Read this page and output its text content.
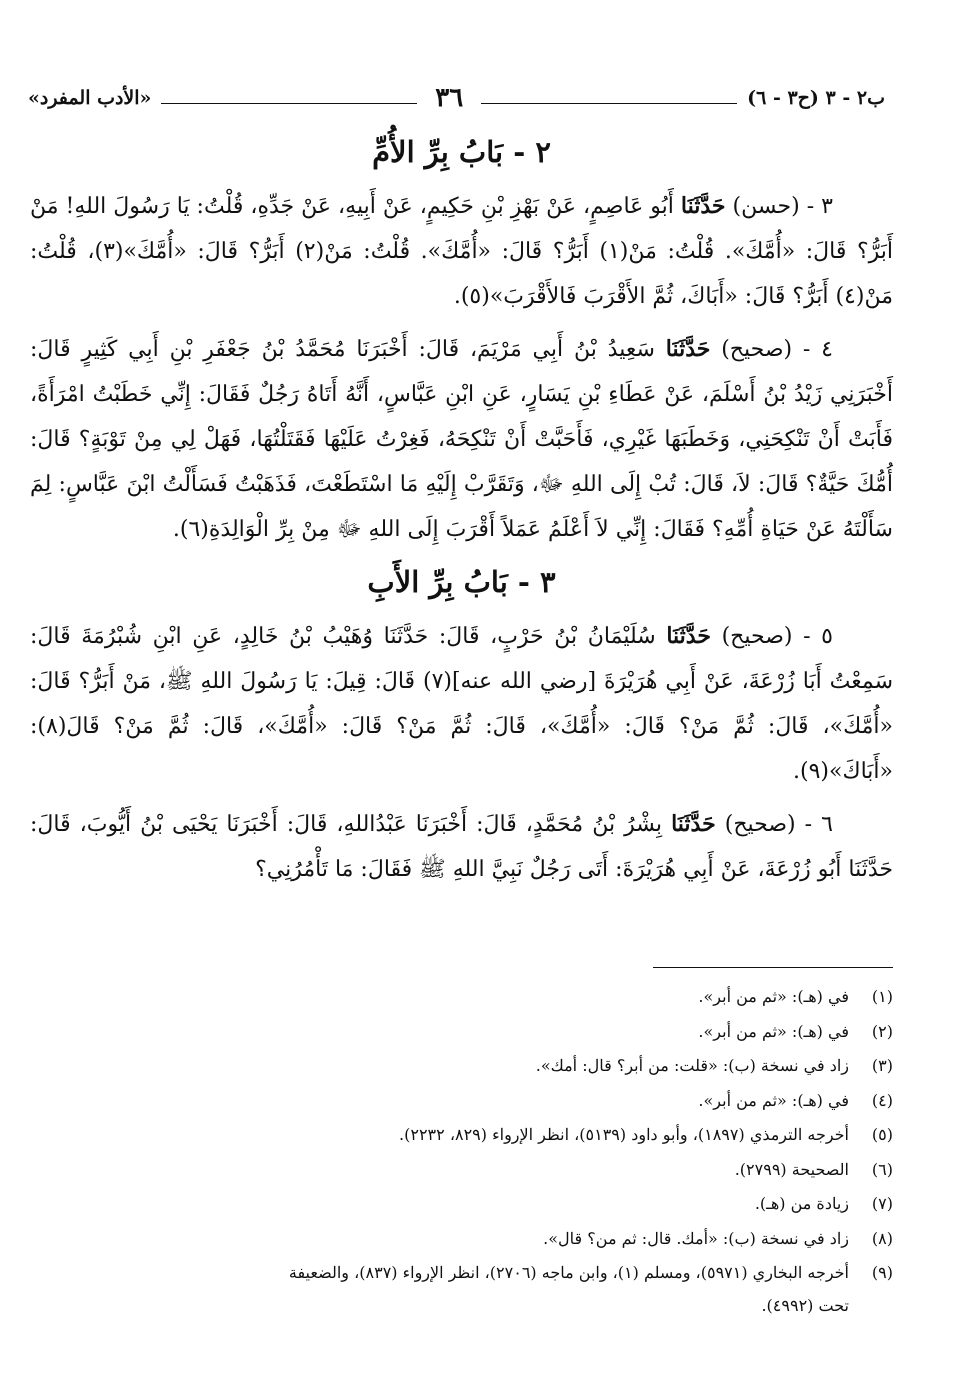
ب٢ - ٣ (ح٣ - ٦)
٣٦
«الأدب المفرد»
٢ - بَابُ بِرِّ الأُمِّ

٣ - (حسن) حَدَّثَنَا أَبُو عَاصِمٍ، عَنْ بَهْزِ بْنِ حَكِيمٍ، عَنْ أَبِيهِ، عَنْ جَدِّهِ، قُلْتُ: يَا رَسُولَ اللهِ! مَنْ أَبَرُّ؟ قَالَ: «أُمَّكَ». قُلْتُ: مَنْ(١) أَبَرُّ؟ قَالَ: «أُمَّكَ». قُلْتُ: مَنْ(٢) أَبَرُّ؟ قَالَ: «أُمَّكَ»(٣)، قُلْتُ: مَنْ(٤) أَبَرُّ؟ قَالَ: «أَبَاكَ، ثُمَّ الأَقْرَبَ فَالأَقْرَبَ»(٥).

٤ - (صحيح) حَدَّثَنَا سَعِيدُ بْنُ أَبِي مَرْيَمَ، قَالَ: أَخْبَرَنَا مُحَمَّدُ بْنُ جَعْفَرِ بْنِ أَبِي كَثِيرٍ قَالَ: أَخْبَرَنِي زَيْدُ بْنُ أَسْلَمَ، عَنْ عَطَاءِ بْنِ يَسَارٍ، عَنِ ابْنِ عَبَّاسٍ، أَنَّهُ أَتَاهُ رَجُلٌ فَقَالَ: إِنِّي خَطَبْتُ امْرَأَةً، فَأَبَتْ أَنْ تَنْكِحَنِي، وَخَطَبَهَا غَيْرِي، فَأَحَبَّتْ أَنْ تَنْكِحَهُ، فَغِرْتُ عَلَيْهَا فَقَتَلْتُهَا، فَهَلْ لِي مِنْ تَوْبَةٍ؟ قَالَ: أُمُّكَ حَيَّةٌ؟ قَالَ: لاَ، قَالَ: تُبْ إِلَى اللهِ ﷻ، وَتَقَرَّبْ إِلَيْهِ مَا اسْتَطَعْتَ، فَذَهَبْتُ فَسَأَلْتُ ابْنَ عَبَّاسٍ: لِمَ سَأَلْتَهُ عَنْ حَيَاةِ أُمِّهِ؟ فَقَالَ: إِنِّي لاَ أَعْلَمُ عَمَلاً أَقْرَبَ إِلَى اللهِ ﷻ مِنْ بِرِّ الْوَالِدَةِ(٦).

٣ - بَابُ بِرِّ الأَبِ

٥ - (صحيح) حَدَّثَنَا سُلَيْمَانُ بْنُ حَرْبٍ، قَالَ: حَدَّثَنَا وُهَيْبُ بْنُ خَالِدٍ، عَنِ ابْنِ شُبْرُمَةَ قَالَ: سَمِعْتُ أَبَا زُرْعَةَ، عَنْ أَبِي هُرَيْرَةَ [رضي الله عنه](٧) قَالَ: قِيلَ: يَا رَسُولَ اللهِ ﷺ، مَنْ أَبَرُّ؟ قَالَ: «أُمَّكَ»، قَالَ: ثُمَّ مَنْ؟ قَالَ: «أُمَّكَ»، قَالَ: ثُمَّ مَنْ؟ قَالَ: «أُمَّكَ»، قَالَ: ثُمَّ مَنْ؟ قَالَ(٨): «أَبَاكَ»(٩).

٦ - (صحيح) حَدَّثَنَا بِشْرُ بْنُ مُحَمَّدٍ، قَالَ: أَخْبَرَنَا عَبْدُاللهِ، قَالَ: أَخْبَرَنَا يَحْيَى بْنُ أَيُّوبَ، قَالَ: حَدَّثَنَا أَبُو زُرْعَةَ، عَنْ أَبِي هُرَيْرَةَ: أَتَى رَجُلٌ نَبِيَّ اللهِ ﷺ فَقَالَ: مَا تَأْمُرُنِي؟

(١)
في (هـ): «ثم من أبر».
(٢)
في (هـ): «ثم من أبر».
(٣)
زاد في نسخة (ب): «قلت: من أبر؟ قال: أمك».
(٤)
في (هـ): «ثم من أبر».
(٥)
أخرجه الترمذي (١٨٩٧)، وأبو داود (٥١٣٩)، انظر الإرواء (٨٢٩، ٢٢٣٢).
(٦)
الصحيحة (٢٧٩٩).
(٧)
زيادة من (هـ).
(٨)
زاد في نسخة (ب): «أمك. قال: ثم من؟ قال».
(٩)
أخرجه البخاري (٥٩٧١)، ومسلم (١)، وابن ماجه (٢٧٠٦)، انظر الإرواء (٨٣٧)، والضعيفة
تحت (٤٩٩٢).
